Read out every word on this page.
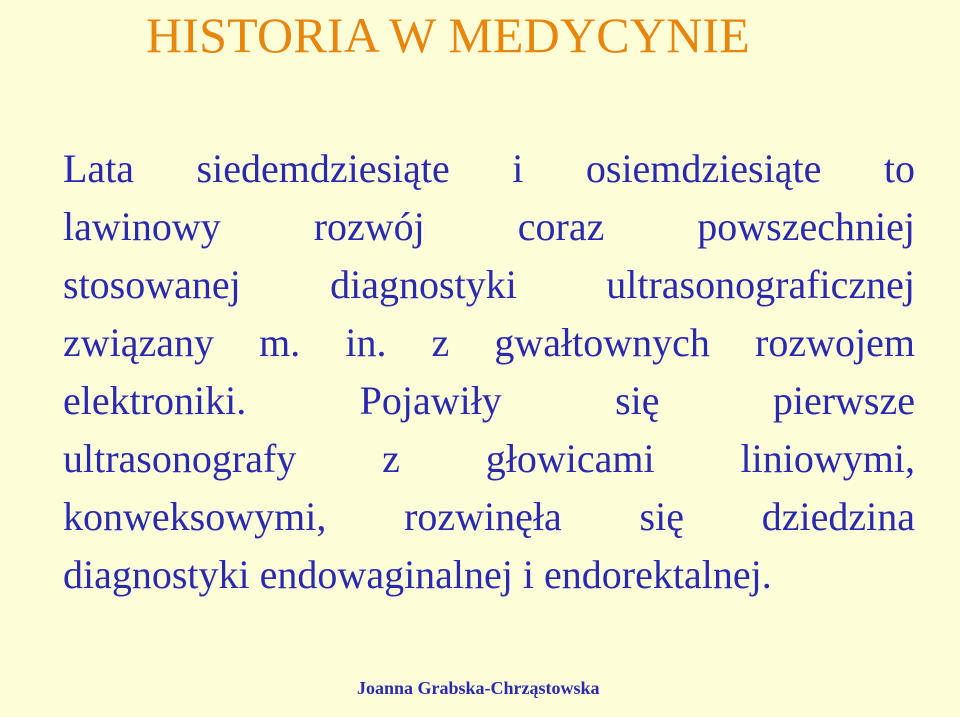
HISTORIA W MEDYCYNIE
Lata siedemdziesiąte i osiemdziesiąte to
lawinowy rozwój coraz powszechniej
stosowanej diagnostyki ultrasonograficznej
związany m. in. z gwałtownych rozwojem
elektroniki.	Pojawiły	się	pierwsze
ultrasonografy z głowicami liniowymi,
konweksowymi, rozwinęła się dziedzina
diagnostyki endowaginalnej i endorektalnej.
Joanna Grabska-Chrząstowska
